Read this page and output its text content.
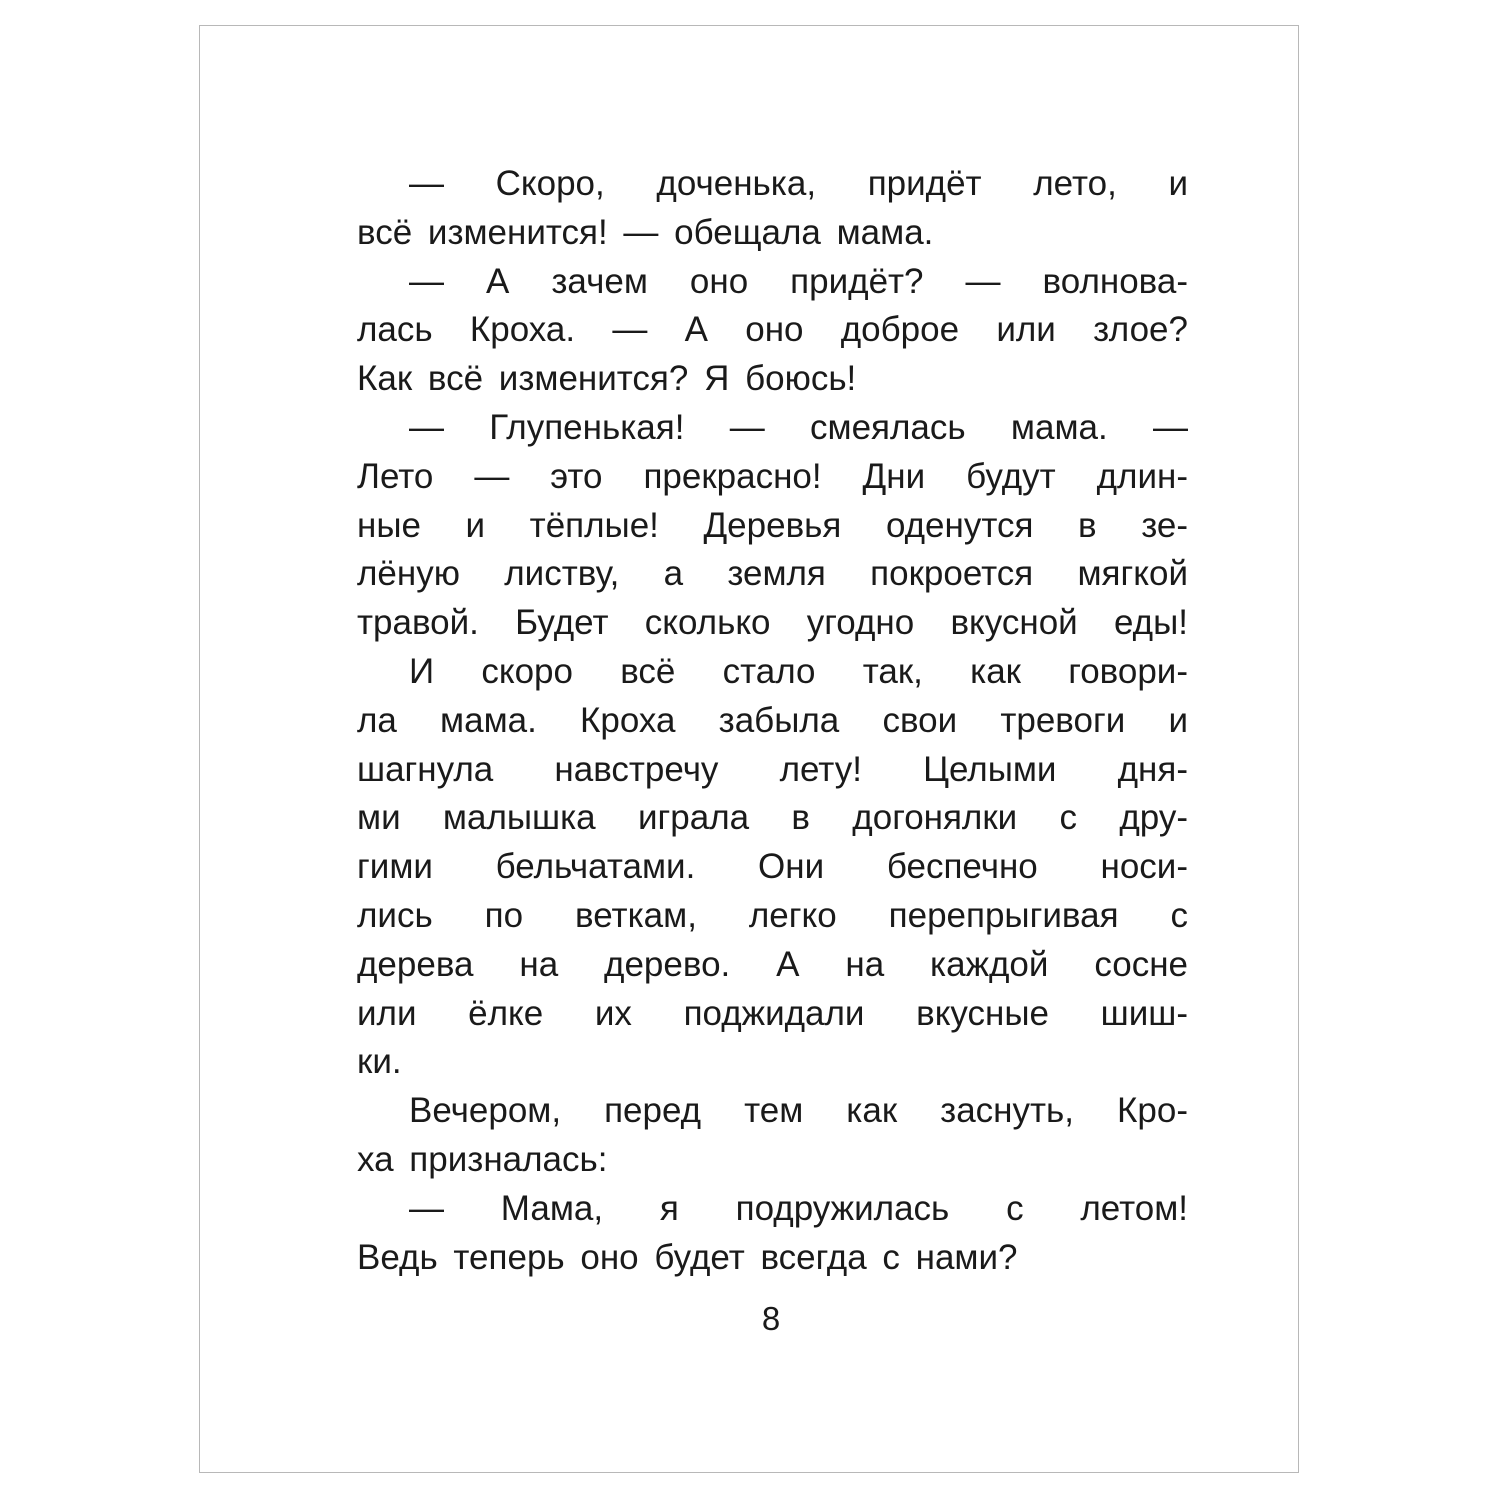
— Скоро, доченька, придёт лето, и
всё изменится! — обещала мама.
— А зачем оно придёт? — волнова-
лась Кроха. — А оно доброе или злое?
Как всё изменится? Я боюсь!
— Глупенькая! — смеялась мама. —
Лето — это прекрасно! Дни будут длин-
ные и тёплые! Деревья оденутся в зе-
лёную листву, а земля покроется мягкой
травой. Будет сколько угодно вкусной еды!
И скоро всё стало так, как говори-
ла мама. Кроха забыла свои тревоги и
шагнула навстречу лету! Целыми дня-
ми малышка играла в догонялки с дру-
гими бельчатами. Они беспечно носи-
лись по веткам, легко перепрыгивая с
дерева на дерево. А на каждой сосне
или ёлке их поджидали вкусные шиш-
ки.
Вечером, перед тем как заснуть, Кро-
ха призналась:
— Мама, я подружилась с летом!
Ведь теперь оно будет всегда с нами?
8
